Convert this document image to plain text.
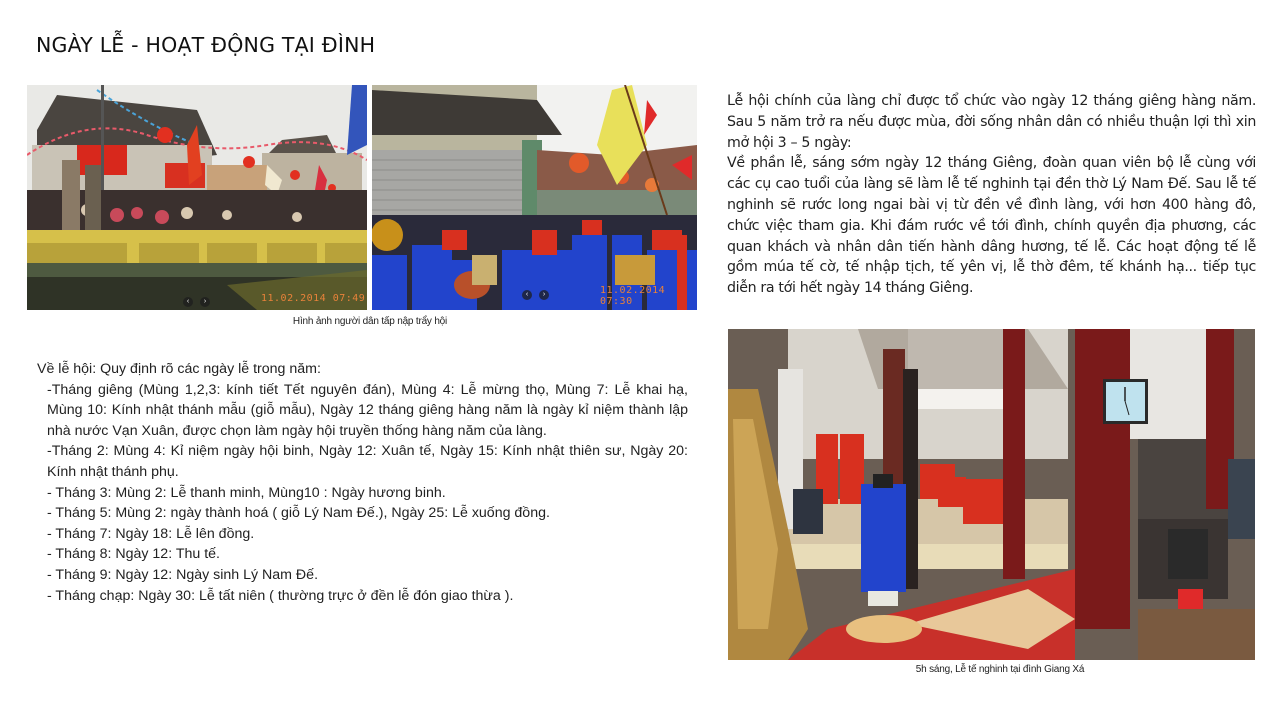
NGÀY LỄ - HOẠT ĐỘNG TẠI ĐÌNH
‹	›	11.02.2014 07:49	‹	›	11.02.2014 07:30
Hình ảnh người dân tấp nập trẩy hội

Lễ hội chính của làng chỉ được tổ chức vào ngày 12 tháng giêng hàng năm. Sau 5 năm trở ra nếu được mùa, đời sống nhân dân có nhiều thuận lợi thì xin mở hội 3 – 5 ngày:

Về phần lễ, sáng sớm ngày 12 tháng Giêng, đoàn quan viên bộ lễ cùng với các cụ cao tuổi của làng sẽ làm lễ tế nghinh tại đền thờ Lý Nam Đế. Sau lễ tế nghinh sẽ rước long ngai bài vị từ đền về đình làng, với hơn 400 hàng đô, chức việc tham gia. Khi đám rước về tới đình, chính quyền địa phương, các quan khách và nhân dân tiến hành dâng hương, tế lễ. Các hoạt động tế lễ gồm múa tế cờ, tế nhập tịch, tế yên vị, lễ thờ đêm, tế khánh hạ... tiếp tục diễn ra tới hết ngày 14 tháng Giêng.

5h sáng, Lễ tế nghinh tại đình Giang Xá

Về lễ hội: Quy định rõ các ngày lễ trong năm:

-Tháng giêng (Mùng 1,2,3: kính tiết Tết nguyên đán), Mùng 4: Lễ mừng thọ, Mùng 7: Lễ khai hạ, Mùng 10: Kính nhật thánh mẫu (giỗ mẫu), Ngày 12 tháng giêng hàng năm là ngày kỉ niệm thành lập nhà nước Vạn Xuân, được chọn làm ngày hội truyền thống hàng năm của làng.

-Tháng 2: Mùng 4: Kỉ niệm ngày hội binh, Ngày 12: Xuân tế, Ngày 15: Kính nhật thiên sư, Ngày 20: Kính nhật thánh phụ.

- Tháng 3: Mùng 2: Lễ thanh minh, Mùng10 : Ngày hương binh.

- Tháng 5: Mùng 2: ngày thành hoá ( giỗ Lý Nam Đế.), Ngày 25: Lễ xuống đồng.

- Tháng 7: Ngày 18: Lễ lên đồng.

- Tháng 8: Ngày 12: Thu tế.

- Tháng 9: Ngày 12: Ngày sinh Lý Nam Đế.

- Tháng chạp: Ngày 30: Lễ tất niên ( thường trực ở đền lễ đón giao thừa ).
